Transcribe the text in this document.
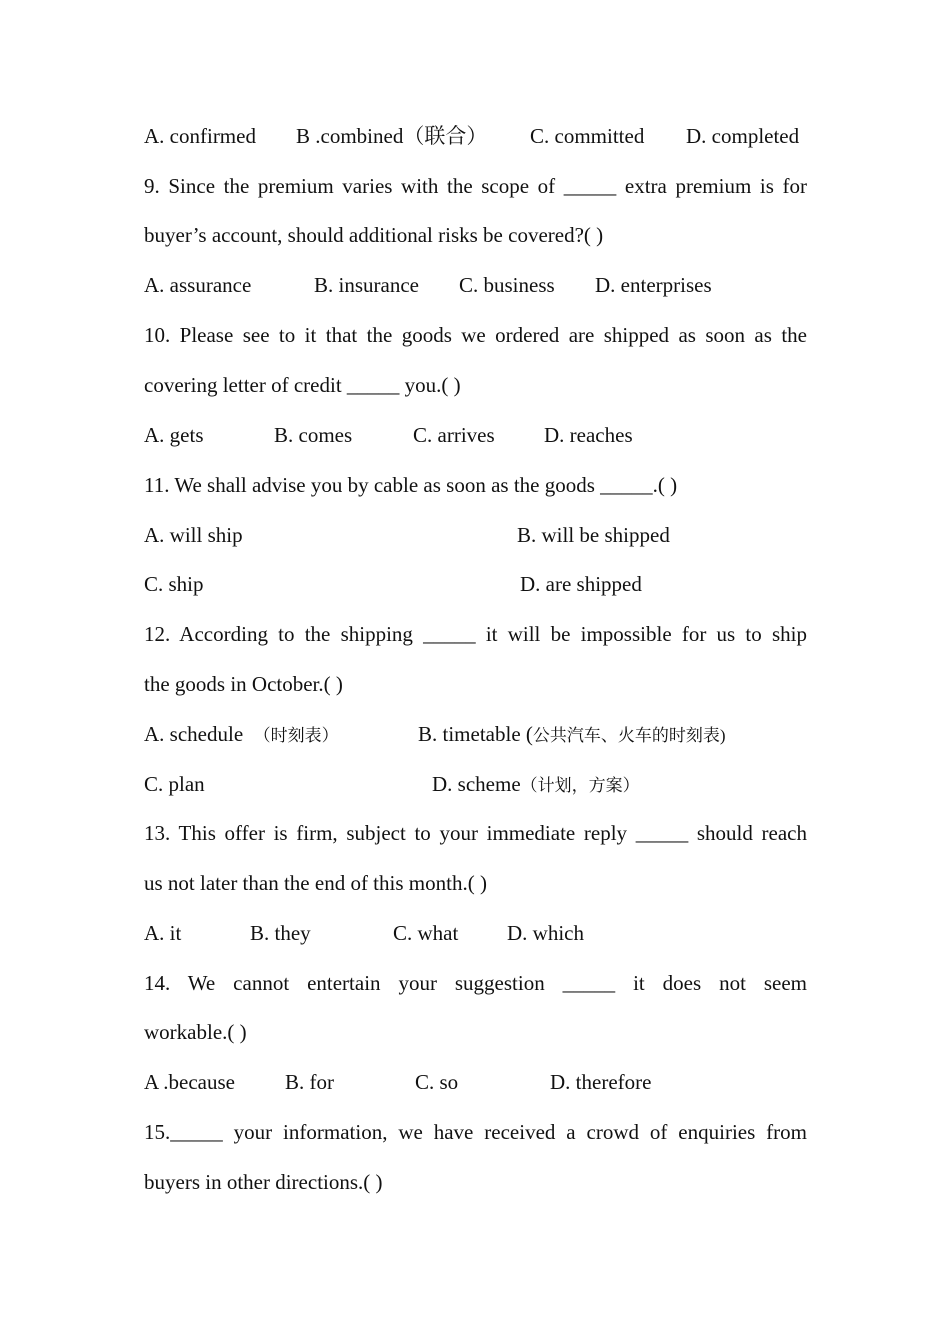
A. confirmed B .combined（联合） C. committed D. completed
9. Since the premium varies with the scope of _____ extra premium is for
buyer’s account, should additional risks be covered?( )
A. assurance	B. insurance C. business D. enterprises
10. Please see to it that the goods we ordered are shipped as soon as the
covering letter of credit _____ you.( )
A. gets	B. comes	C. arrives D. reaches
11. We shall advise you by cable as soon as the goods _____.( )
A. will ship	B. will be shipped
C. ship	D. are shipped
12. According to the shipping _____ it will be impossible for us to ship
the goods in October.( )
A. schedule （时刻表）	B. timetable (公共汽车、火车的时刻表)
C. plan	D. scheme（计划，方案）
13. This offer is firm, subject to your immediate reply _____ should reach
us not later than the end of this month.( )
A. it	B. they	C. what D. which
14. We cannot entertain your suggestion _____ it does not seem
workable.( )
A .because B. for	C. so	D. therefore
15._____ your information, we have received a crowd of enquiries from
buyers in other directions.( )
